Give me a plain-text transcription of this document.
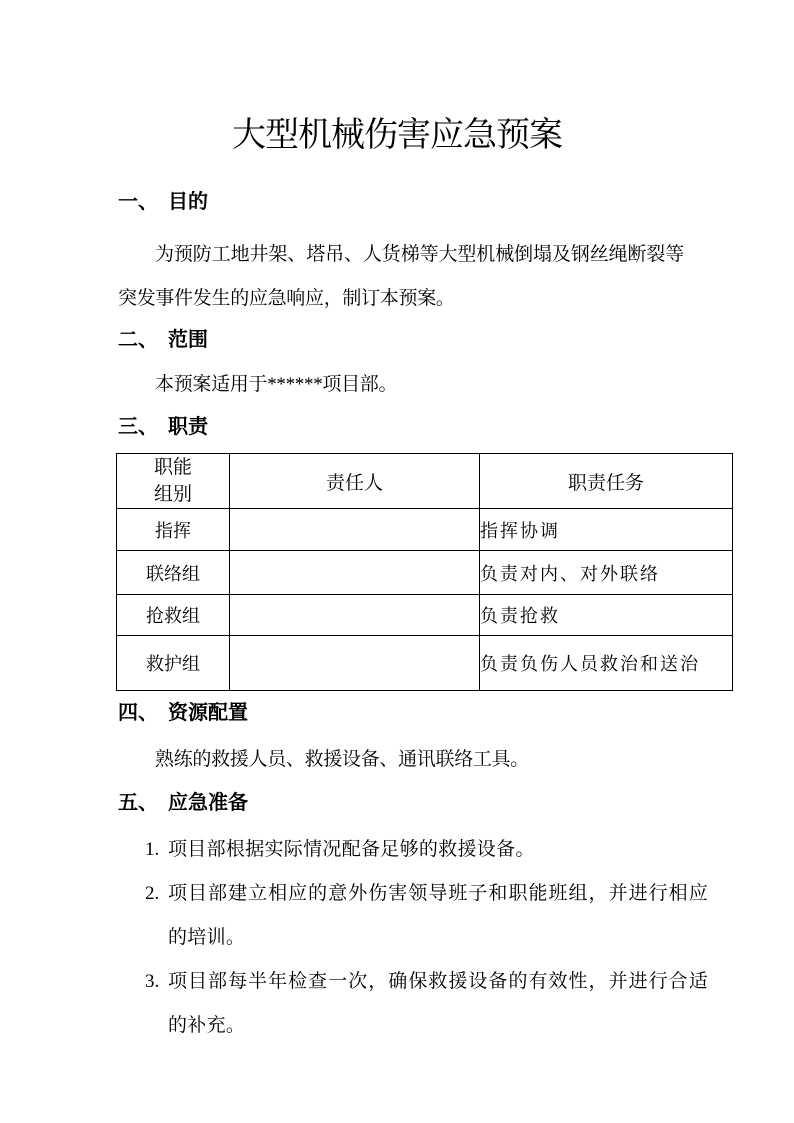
大型机械伤害应急预案
一、 目的

为预防工地井架、塔吊、人货梯等大型机械倒塌及钢丝绳断裂等突发事件发生的应急响应，制订本预案。

二、 范围

本预案适用于******项目部。

三、 职责
职能
组别	责任人	职责任务
指挥		指挥协调
联络组		负责对内、对外联络
抢救组		负责抢救
救护组		负责负伤人员救治和送治
四、 资源配置

熟练的救援人员、救援设备、通讯联络工具。

五、 应急准备
1. 项目部根据实际情况配备足够的救援设备。
2. 项目部建立相应的意外伤害领导班子和职能班组，并进行相应的培训。
3. 项目部每半年检查一次，确保救援设备的有效性，并进行合适的补充。
